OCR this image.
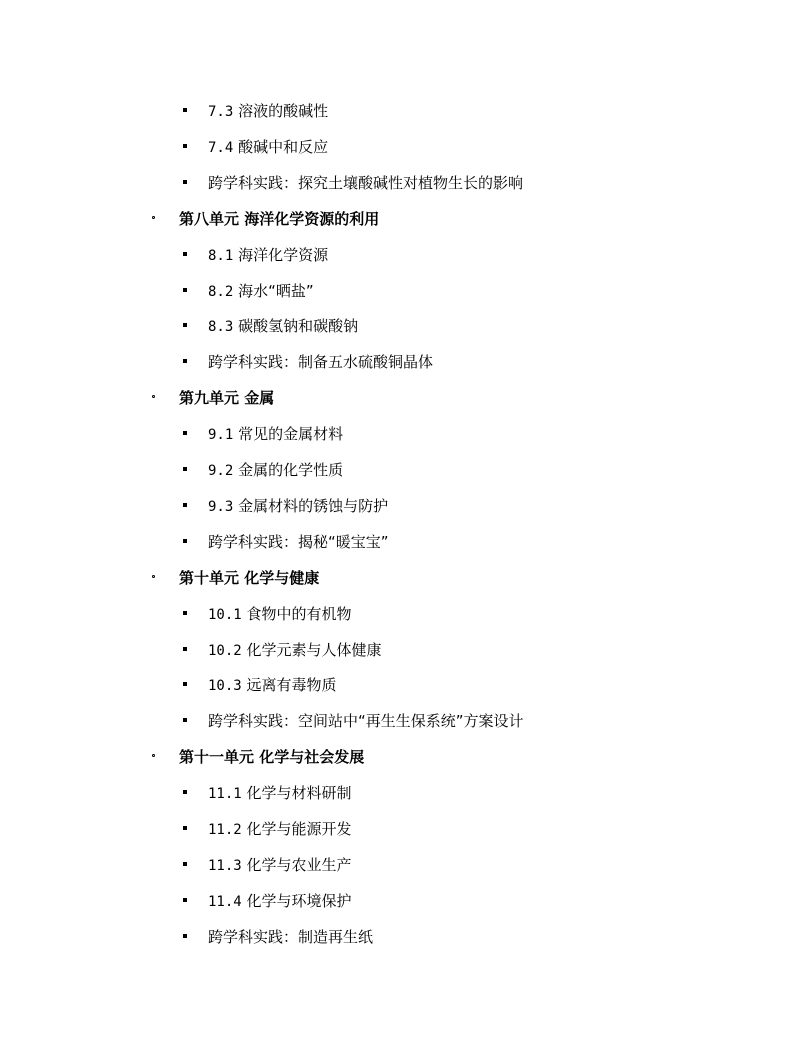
7.3 溶液的酸碱性
7.4 酸碱中和反应
跨学科实践：探究土壤酸碱性对植物生长的影响
第八单元 海洋化学资源的利用
8.1 海洋化学资源
8.2 海水“晒盐”
8.3 碳酸氢钠和碳酸钠
跨学科实践：制备五水硫酸铜晶体
第九单元 金属
9.1 常见的金属材料
9.2 金属的化学性质
9.3 金属材料的锈蚀与防护
跨学科实践：揭秘“暖宝宝”
第十单元 化学与健康
10.1 食物中的有机物
10.2 化学元素与人体健康
10.3 远离有毒物质
跨学科实践：空间站中“再生生保系统”方案设计
第十一单元 化学与社会发展
11.1 化学与材料研制
11.2 化学与能源开发
11.3 化学与农业生产
11.4 化学与环境保护
跨学科实践：制造再生纸
